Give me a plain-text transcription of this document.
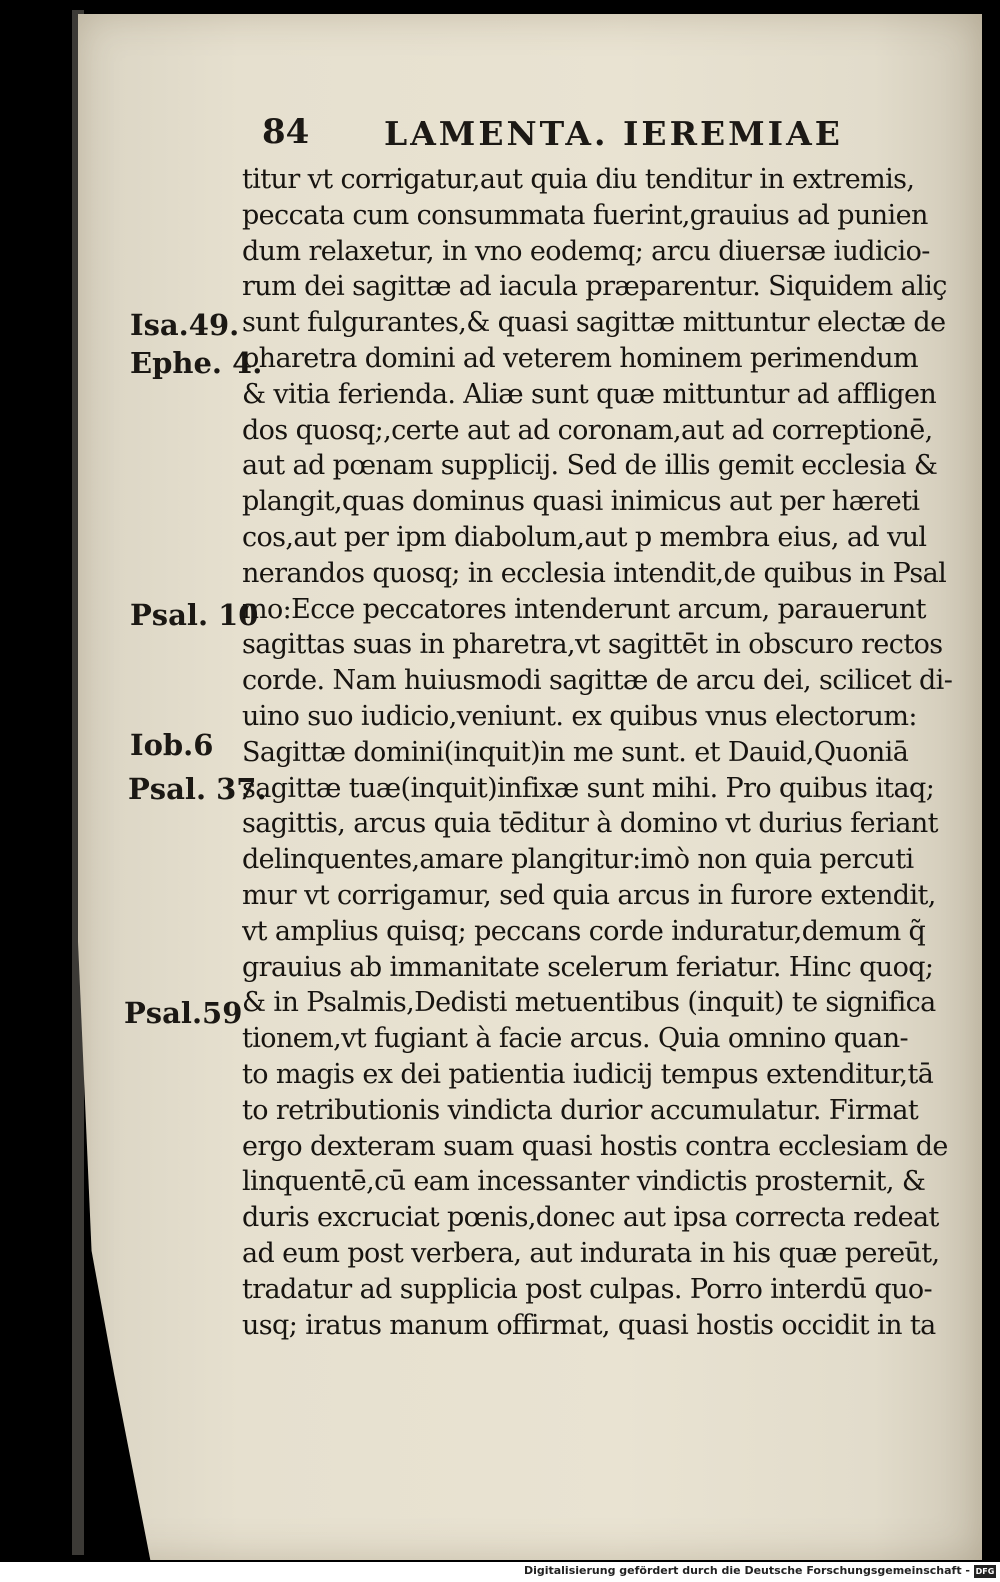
84 LAMENTA. IEREMIAE
Isa.49.
Ephe. 4.
Psal. 10
Iob.6
Psal. 37.
Psal.59
titur vt corrigatur,aut quia diu tenditur in extremis,
peccata cum consummata fuerint,grauius ad punien
dum relaxetur, in vno eodemq; arcu diuersæ iudicio-
rum dei sagittæ ad iacula præparentur. Siquidem aliç
sunt fulgurantes,& quasi sagittæ mittuntur electæ de
pharetra domini ad veterem hominem perimendum
& vitia ferienda. Aliæ sunt quæ mittuntur ad affligen
dos quosq;,certe aut ad coronam,aut ad correptionē,
aut ad pœnam supplicij. Sed de illis gemit ecclesia &
plangit,quas dominus quasi inimicus aut per hæreti
cos,aut per ipm diabolum,aut p membra eius, ad vul
nerandos quosq; in ecclesia intendit,de quibus in Psal
mo:Ecce peccatores intenderunt arcum, parauerunt
sagittas suas in pharetra,vt sagittēt in obscuro rectos
corde. Nam huiusmodi sagittæ de arcu dei, scilicet di-
uino suo iudicio,veniunt. ex quibus vnus electorum:
Sagittæ domini(inquit)in me sunt. et Dauid,Quoniā
sagittæ tuæ(inquit)infixæ sunt mihi. Pro quibus itaq;
sagittis, arcus quia tēditur à domino vt durius feriant
delinquentes,amare plangitur:imò non quia percuti
mur vt corrigamur, sed quia arcus in furore extendit,
vt amplius quisq; peccans corde induratur,demum q̃
grauius ab immanitate scelerum feriatur. Hinc quoq;
& in Psalmis,Dedisti metuentibus (inquit) te significa
tionem,vt fugiant à facie arcus. Quia omnino quan-
to magis ex dei patientia iudicij tempus extenditur,tā
to retributionis vindicta durior accumulatur. Firmat
ergo dexteram suam quasi hostis contra ecclesiam de
linquentē,cū eam incessanter vindictis prosternit, &
duris excruciat pœnis,donec aut ipsa correcta redeat
ad eum post verbera, aut indurata in his quæ pereūt,
tradatur ad supplicia post culpas. Porro interdū quo-
usq; iratus manum offirmat, quasi hostis occidit in ta
Digitalisierung gefördert durch die Deutsche Forschungsgemeinschaft - DFG
